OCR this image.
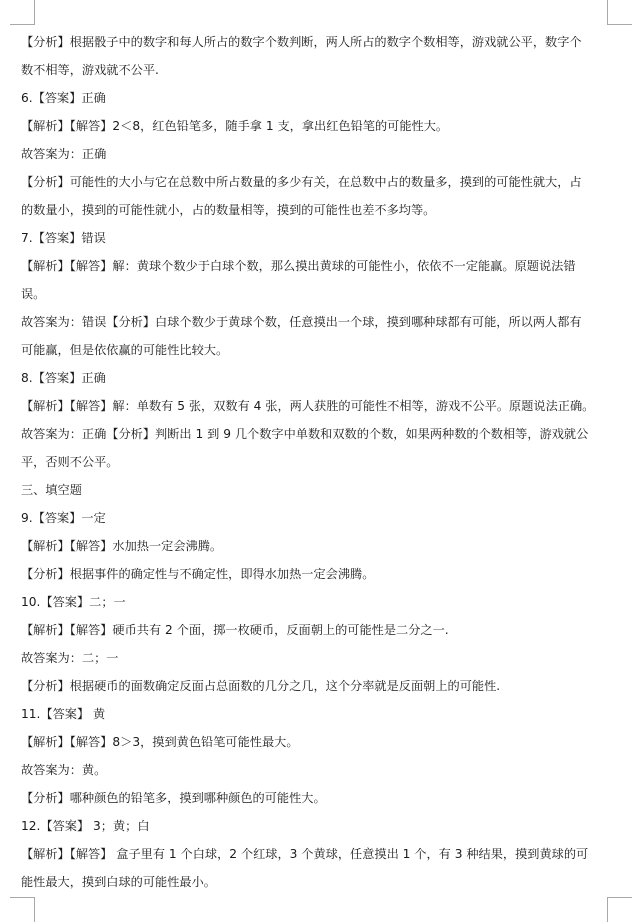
【分析】根据骰子中的数字和每人所占的数字个数判断，两人所占的数字个数相等，游戏就公平，数字个
数不相等，游戏就不公平.
6.【答案】正确
【解析】【解答】2＜8，红色铅笔多，随手拿 1 支，拿出红色铅笔的可能性大。
故答案为：正确
【分析】可能性的大小与它在总数中所占数量的多少有关，在总数中占的数量多，摸到的可能性就大，占
的数量小，摸到的可能性就小，占的数量相等，摸到的可能性也差不多均等。
7.【答案】错误
【解析】【解答】解：黄球个数少于白球个数，那么摸出黄球的可能性小，依依不一定能赢。原题说法错
误。
故答案为：错误【分析】白球个数少于黄球个数，任意摸出一个球，摸到哪种球都有可能，所以两人都有
可能赢，但是依依赢的可能性比较大。
8.【答案】正确
【解析】【解答】解：单数有 5 张，双数有 4 张，两人获胜的可能性不相等，游戏不公平。原题说法正确。
故答案为：正确【分析】判断出 1 到 9 几个数字中单数和双数的个数，如果两种数的个数相等，游戏就公
平，否则不公平。
三、填空题
9.【答案】一定
【解析】【解答】水加热一定会沸腾。
【分析】根据事件的确定性与不确定性，即得水加热一定会沸腾。
10.【答案】二；一
【解析】【解答】硬币共有 2 个面，掷一枚硬币，反面朝上的可能性是二分之一.
故答案为：二；一
【分析】根据硬币的面数确定反面占总面数的几分之几，这个分率就是反面朝上的可能性.
11.【答案】 黄
【解析】【解答】8＞3，摸到黄色铅笔可能性最大。
故答案为：黄。
【分析】哪种颜色的铅笔多，摸到哪种颜色的可能性大。
12.【答案】 3；黄；白
【解析】【解答】 盒子里有 1 个白球，2 个红球，3 个黄球，任意摸出 1 个，有 3 种结果，摸到黄球的可
能性最大，摸到白球的可能性最小。
